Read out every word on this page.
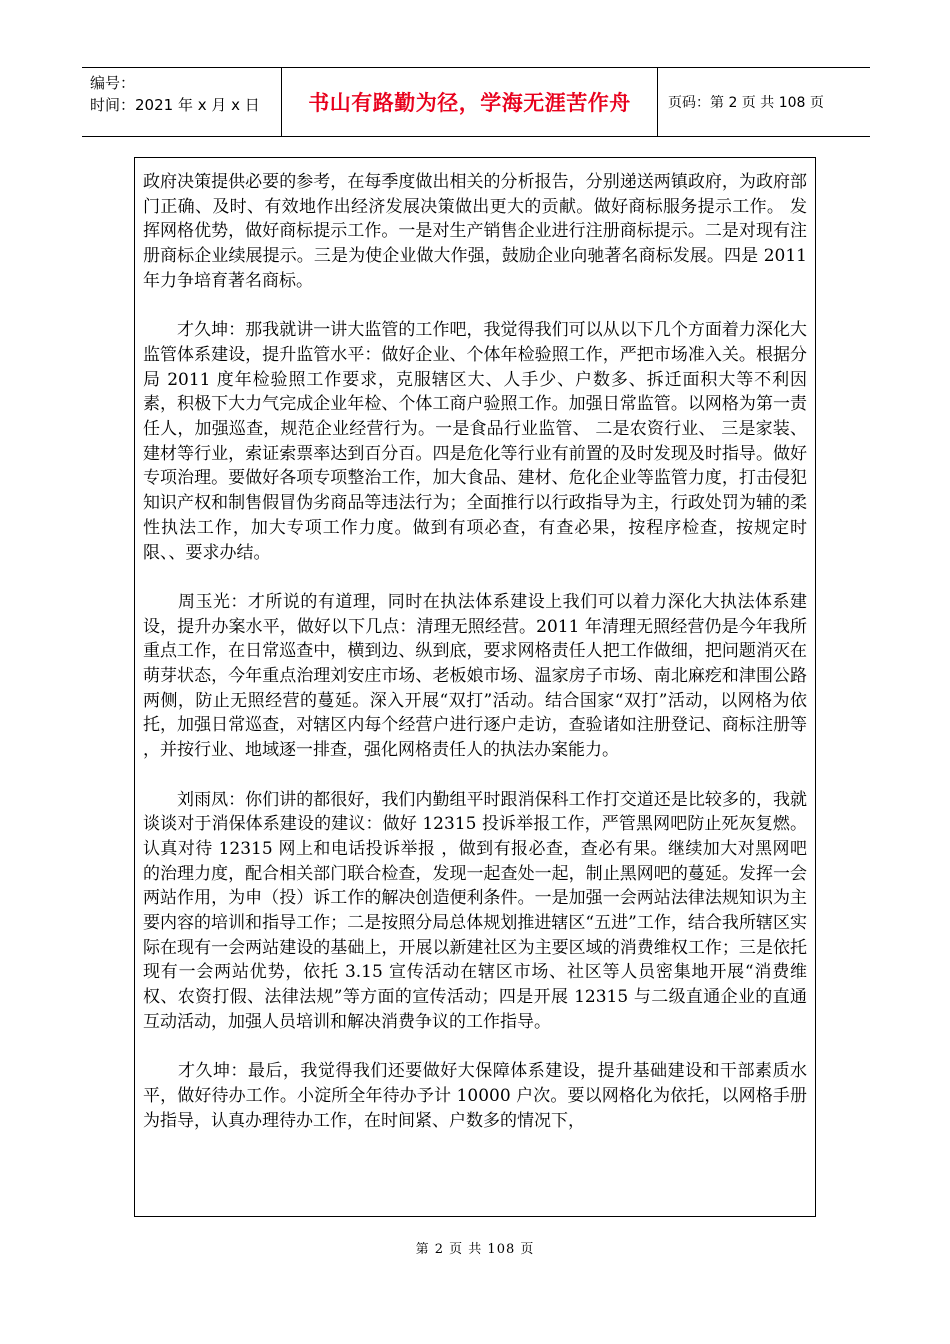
编号：
时间：2021 年 x 月 x 日	书山有路勤为径，学海无涯苦作舟	页码：第 2 页 共 108 页

政府决策提供必要的参考，在每季度做出相关的分析报告，分别递送两镇政府，为政府部门正确、及时、有效地作出经济发展决策做出更大的贡献。做好商标服务提示工作。 发挥网格优势，做好商标提示工作。一是对生产销售企业进行注册商标提示。二是对现有注册商标企业续展提示。三是为使企业做大作强，鼓励企业向驰著名商标发展。四是 2011 年力争培育著名商标。

　　才久坤：那我就讲一讲大监管的工作吧，我觉得我们可以从以下几个方面着力深化大监管体系建设，提升监管水平：做好企业、个体年检验照工作，严把市场准入关。根据分局 2011 度年检验照工作要求，克服辖区大、人手少、户数多、拆迁面积大等不利因素，积极下大力气完成企业年检、个体工商户验照工作。加强日常监管。以网格为第一责任人，加强巡查，规范企业经营行为。一是食品行业监管、 二是农资行业、 三是家装、建材等行业，索证索票率达到百分百。四是危化等行业有前置的及时发现及时指导。做好专项治理。要做好各项专项整治工作，加大食品、建材、危化企业等监管力度，打击侵犯知识产权和制售假冒伪劣商品等违法行为；全面推行以行政指导为主，行政处罚为辅的柔性执法工作，加大专项工作力度。做到有项必查，有查必果，按程序检查，按规定时限、、要求办结。

　　周玉光：才所说的有道理，同时在执法体系建设上我们可以着力深化大执法体系建设，提升办案水平，做好以下几点：清理无照经营。2011 年清理无照经营仍是今年我所重点工作，在日常巡查中，横到边、纵到底，要求网格责任人把工作做细，把问题消灭在萌芽状态，今年重点治理刘安庄市场、老板娘市场、温家房子市场、南北麻疙和津围公路两侧，防止无照经营的蔓延。深入开展“双打”活动。结合国家“双打”活动，以网格为依托，加强日常巡查，对辖区内每个经营户进行逐户走访，查验诸如注册登记、商标注册等 ，并按行业、地域逐一排查，强化网格责任人的执法办案能力。

　　刘雨凤：你们讲的都很好，我们内勤组平时跟消保科工作打交道还是比较多的，我就谈谈对于消保体系建设的建议：做好 12315 投诉举报工作，严管黑网吧防止死灰复燃。 认真对待 12315 网上和电话投诉举报 ，做到有报必查，查必有果。继续加大对黑网吧的治理力度，配合相关部门联合检查，发现一起查处一起，制止黑网吧的蔓延。发挥一会两站作用，为申（投）诉工作的解决创造便利条件。一是加强一会两站法律法规知识为主要内容的培训和指导工作；二是按照分局总体规划推进辖区“五进”工作，结合我所辖区实际在现有一会两站建设的基础上，开展以新建社区为主要区域的消费维权工作；三是依托现有一会两站优势，依托 3.15 宣传活动在辖区市场、社区等人员密集地开展“消费维权、农资打假、法律法规”等方面的宣传活动；四是开展 12315 与二级直通企业的直通互动活动，加强人员培训和解决消费争议的工作指导。

　　才久坤：最后，我觉得我们还要做好大保障体系建设，提升基础建设和干部素质水平，做好待办工作。小淀所全年待办予计 10000 户次。要以网格化为依托，以网格手册为指导，认真办理待办工作，在时间紧、户数多的情况下，

第 2 页 共 108 页
